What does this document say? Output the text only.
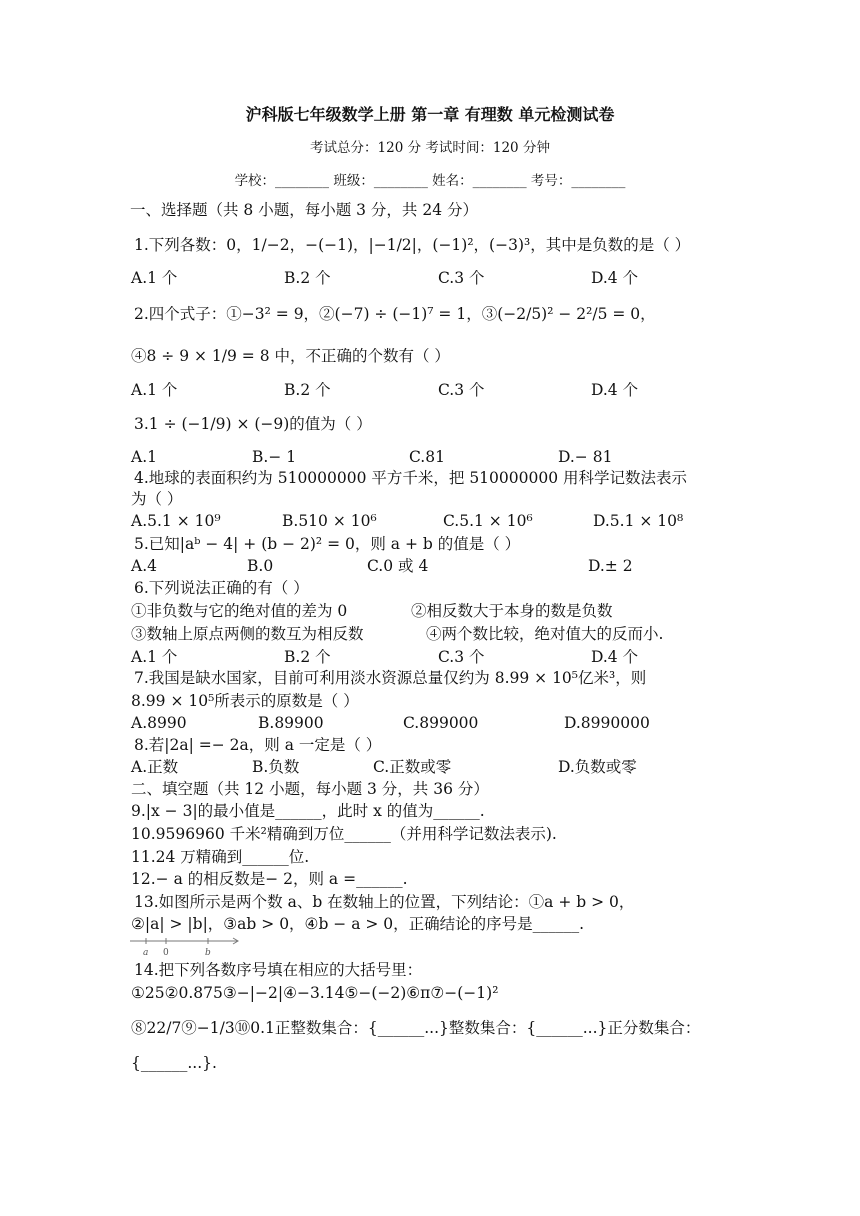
沪科版七年级数学上册 第一章 有理数 单元检测试卷
考试总分：120 分 考试时间：120 分钟
学校：________ 班级：________ 姓名：________ 考号：________
一、选择题（共 8 小题，每小题 3 分，共 24 分）
1.下列各数：0，1/−2，−(−1)，|−1/2|，(−1)²，(−3)³，其中是负数的是（ ）
A.1 个	B.2 个	C.3 个	D.4 个
2.四个式子：①−3² = 9，②(−7) ÷ (−1)⁷ = 1，③(−2/5)² − 2²/5 = 0，
④8 ÷ 9 × 1/9 = 8 中，不正确的个数有（ ）
A.1 个	B.2 个	C.3 个	D.4 个
3.1 ÷ (−1/9) × (−9)的值为（ ）
A.1	B.− 1	C.81	D.− 81
4.地球的表面积约为 510000000 平方千米，把 510000000 用科学记数法表示
为（ ）
A.5.1 × 10⁹	B.510 × 10⁶	C.5.1 × 10⁶	D.5.1 × 10⁸
5.已知|aᵇ − 4| + (b − 2)² = 0，则 a + b 的值是（ ）
A.4	B.0	C.0 或 4	D.± 2
6.下列说法正确的有（ ）
①非负数与它的绝对值的差为 0	②相反数大于本身的数是负数
③数轴上原点两侧的数互为相反数	④两个数比较，绝对值大的反而小.
A.1 个	B.2 个	C.3 个	D.4 个
7.我国是缺水国家，目前可利用淡水资源总量仅约为 8.99 × 10⁵亿米³，则
8.99 × 10⁵所表示的原数是（ ）
A.8990	B.89900	C.899000	D.8990000
8.若|2a| =− 2a，则 a 一定是（ ）
A.正数	B.负数	C.正数或零	D.负数或零
二、填空题（共 12 小题，每小题 3 分，共 36 分）
9.|x − 3|的最小值是______，此时 x 的值为______.
10.9596960 千米²精确到万位______（并用科学记数法表示).
11.24 万精确到______位.
12.− a 的相反数是− 2，则 a =______.
13.如图所示是两个数 a、b 在数轴上的位置，下列结论：①a + b > 0，
②|a| > |b|，③ab > 0，④b − a > 0，正确结论的序号是______.
a 0	b
14.把下列各数序号填在相应的大括号里：
①25②0.875③−|−2|④−3.14⑤−(−2)⑥π⑦−(−1)²
⑧22/7⑨−1/3⑩0.1正整数集合：{______...}整数集合：{______...}正分数集合：
{______...}.
